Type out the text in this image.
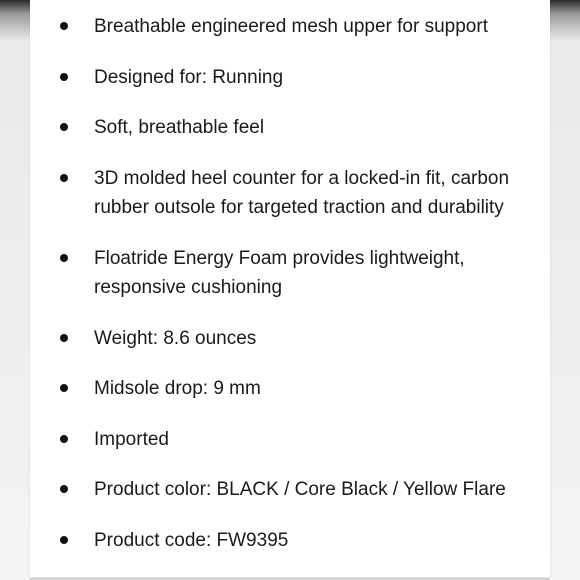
Breathable engineered mesh upper for support
Designed for: Running
Soft, breathable feel
3D molded heel counter for a locked-in fit, carbon rubber outsole for targeted traction and durability
Floatride Energy Foam provides lightweight, responsive cushioning
Weight: 8.6 ounces
Midsole drop: 9 mm
Imported
Product color: BLACK / Core Black / Yellow Flare
Product code: FW9395
